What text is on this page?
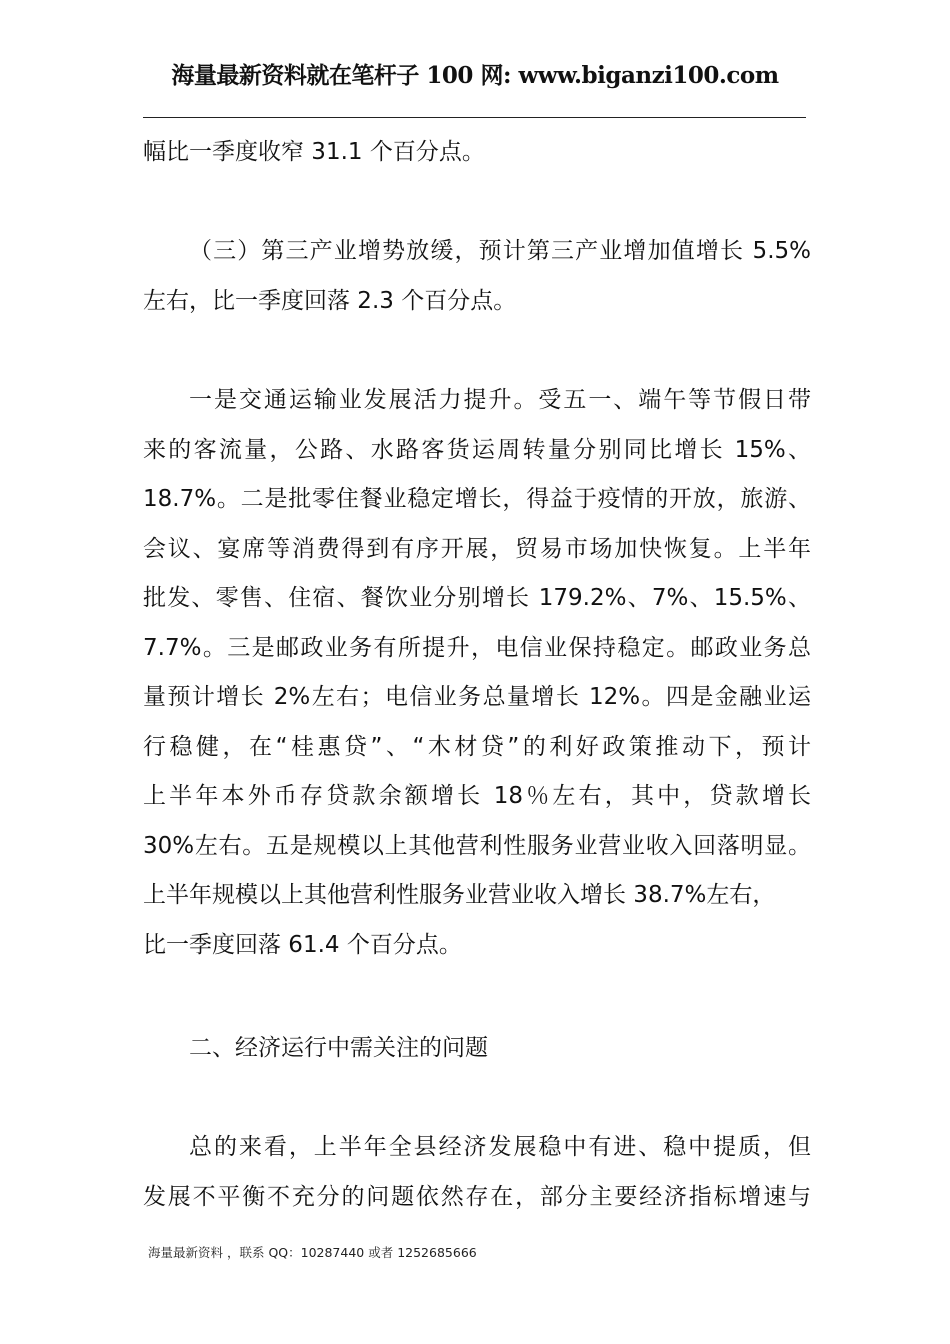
海量最新资料就在笔杆子 100 网: www.biganzi100.com
幅比一季度收窄 31.1 个百分点。
（三）第三产业增势放缓，预计第三产业增加值增长 5.5%
左右，比一季度回落 2.3 个百分点。
一是交通运输业发展活力提升。受五一、端午等节假日带
来的客流量，公路、水路客货运周转量分别同比增长 15%、
18.7%。二是批零住餐业稳定增长，得益于疫情的开放，旅游、
会议、宴席等消费得到有序开展，贸易市场加快恢复。上半年
批发、零售、住宿、餐饮业分别增长 179.2%、7%、15.5%、
7.7%。三是邮政业务有所提升，电信业保持稳定。邮政业务总
量预计增长 2%左右；电信业务总量增长 12%。四是金融业运
行稳健，在“桂惠贷”、“木材贷”的利好政策推动下，预计
上半年本外币存贷款余额增长 18％左右，其中，贷款增长
30%左右。五是规模以上其他营利性服务业营业收入回落明显。
上半年规模以上其他营利性服务业营业收入增长 38.7%左右，
比一季度回落 61.4 个百分点。
二、经济运行中需关注的问题
总的来看，上半年全县经济发展稳中有进、稳中提质，但
发展不平衡不充分的问题依然存在，部分主要经济指标增速与
海量最新资料 ，联系 QQ：10287440 或者 1252685666
